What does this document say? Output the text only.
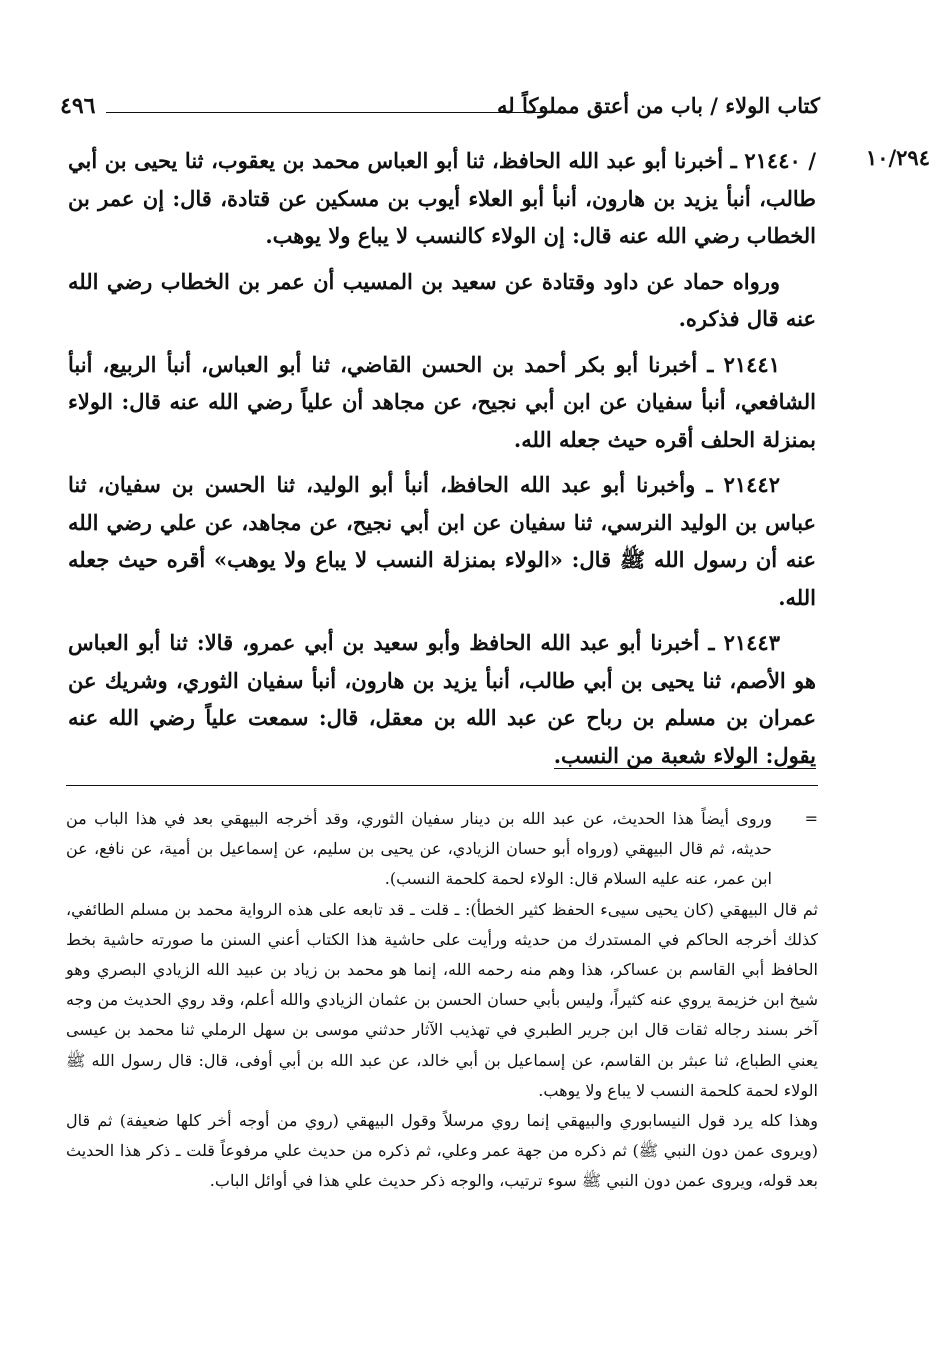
كتاب الولاء / باب من أعتق مملوكاً له
٤٩٦
١٠/٢٩٤

/ ٢١٤٤٠ ـ أخبرنا أبو عبد الله الحافظ، ثنا أبو العباس محمد بن يعقوب، ثنا يحيى بن أبي طالب، أنبأ يزيد بن هارون، أنبأ أبو العلاء أيوب بن مسكين عن قتادة، قال: إن عمر بن الخطاب رضي الله عنه قال: إن الولاء كالنسب لا يباع ولا يوهب.

ورواه حماد عن داود وقتادة عن سعيد بن المسيب أن عمر بن الخطاب رضي الله عنه قال فذكره.

٢١٤٤١ ـ أخبرنا أبو بكر أحمد بن الحسن القاضي، ثنا أبو العباس، أنبأ الربيع، أنبأ الشافعي، أنبأ سفيان عن ابن أبي نجيح، عن مجاهد أن علياً رضي الله عنه قال: الولاء بمنزلة الحلف أقره حيث جعله الله.

٢١٤٤٢ ـ وأخبرنا أبو عبد الله الحافظ، أنبأ أبو الوليد، ثنا الحسن بن سفيان، ثنا عباس بن الوليد النرسي، ثنا سفيان عن ابن أبي نجيح، عن مجاهد، عن علي رضي الله عنه أن رسول الله ﷺ قال: «الولاء بمنزلة النسب لا يباع ولا يوهب» أقره حيث جعله الله.

٢١٤٤٣ ـ أخبرنا أبو عبد الله الحافظ وأبو سعيد بن أبي عمرو، قالا: ثنا أبو العباس هو الأصم، ثنا يحيى بن أبي طالب، أنبأ يزيد بن هارون، أنبأ سفيان الثوري، وشريك عن عمران بن مسلم بن رباح عن عبد الله بن معقل، قال: سمعت علياً رضي الله عنه يقول: الولاء شعبة من النسب.

=
وروى أيضاً هذا الحديث، عن عبد الله بن دينار سفيان الثوري، وقد أخرجه البيهقي بعد في هذا الباب من حديثه، ثم قال البيهقي (ورواه أبو حسان الزيادي، عن يحيى بن سليم، عن إسماعيل بن أمية، عن نافع، عن ابن عمر، عنه عليه السلام قال: الولاء لحمة كلحمة النسب).

ثم قال البيهقي (كان يحيى سيىء الحفظ كثير الخطأ): ـ قلت ـ قد تابعه على هذه الرواية محمد بن مسلم الطائفي، كذلك أخرجه الحاكم في المستدرك من حديثه ورأيت على حاشية هذا الكتاب أعني السنن ما صورته حاشية بخط الحافظ أبي القاسم بن عساكر، هذا وهم منه رحمه الله، إنما هو محمد بن زياد بن عبيد الله الزيادي البصري وهو شيخ ابن خزيمة يروي عنه كثيراً، وليس بأبي حسان الحسن بن عثمان الزيادي والله أعلم، وقد روي الحديث من وجه آخر بسند رجاله ثقات قال ابن جرير الطبري في تهذيب الآثار حدثني موسى بن سهل الرملي ثنا محمد بن عيسى يعني الطباع، ثنا عبثر بن القاسم، عن إسماعيل بن أبي خالد، عن عبد الله بن أبي أوفى، قال: قال رسول الله ﷺ الولاء لحمة كلحمة النسب لا يباع ولا يوهب.

وهذا كله يرد قول النيسابوري والبيهقي إنما روي مرسلاً وقول البيهقي (روي من أوجه أخر كلها ضعيفة) ثم قال (ويروى عمن دون النبي ﷺ) ثم ذكره من جهة عمر وعلي، ثم ذكره من حديث علي مرفوعاً قلت ـ ذكر هذا الحديث بعد قوله، ويروى عمن دون النبي ﷺ سوء ترتيب، والوجه ذكر حديث علي هذا في أوائل الباب.
